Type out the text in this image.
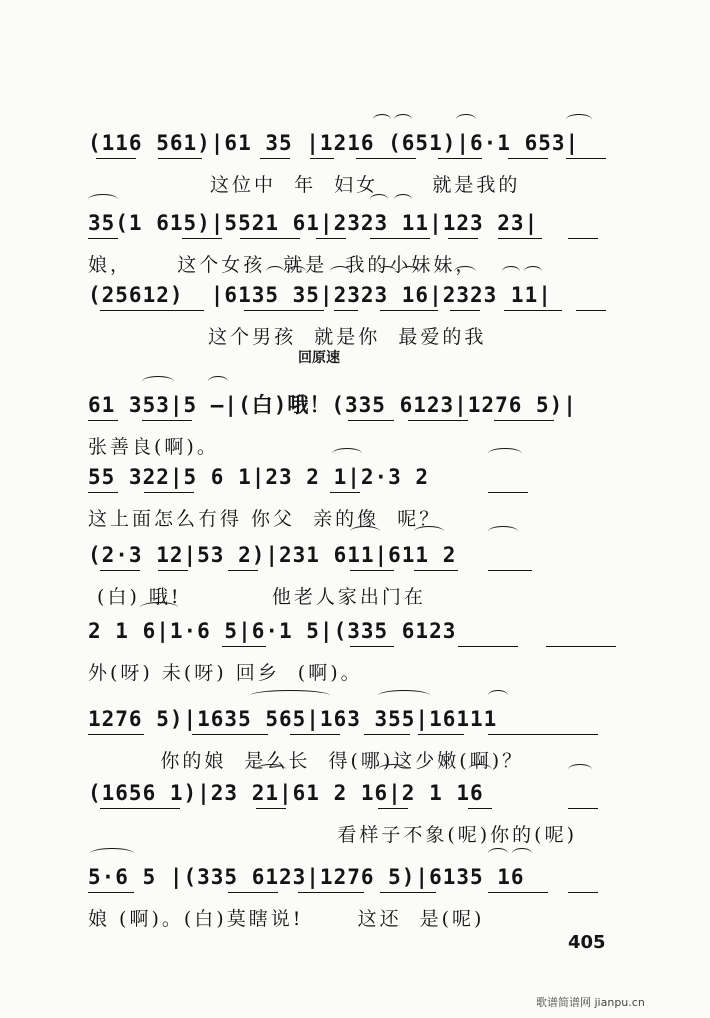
(116 561)|61 35 |1216 (651)|6·1 653|
这位中  年  妇女      就是我的
35(1 615)|5521 61|2323 11|123 23|
娘，     这个女孩  就是  我的小妹妹，
(25612)  |6135 35|2323 16|2323 11|
这个男孩  就是你  最爱的我
回原速
61 353|5 –|(白)哦！(335 6123|1276 5)|
张善良(啊)。
55 322|5 6 1|23 2 1|2·3 2
这上面怎么冇得 你父  亲的像  呢？
(2·3 12|53 2)|231 611|611 2
(白) 哦!          他老人家出门在
2 1 6|1·6 5|6·1 5|(335 6123
外(呀) 未(呀) 回乡  (啊)。
1276 5)|1635 565|163 355|16111
你的娘  是么长  得(哪)这少嫩(啊)？
(1656 1)|23 21|61 2 16|2 1 16
看样子不象(呢)你的(呢)
5·6 5 |(335 6123|1276 5)|6135 16
娘 (啊)。(白)莫瞎说!      这还  是(呢)
405
歌谱简谱网 jianpu.cn
